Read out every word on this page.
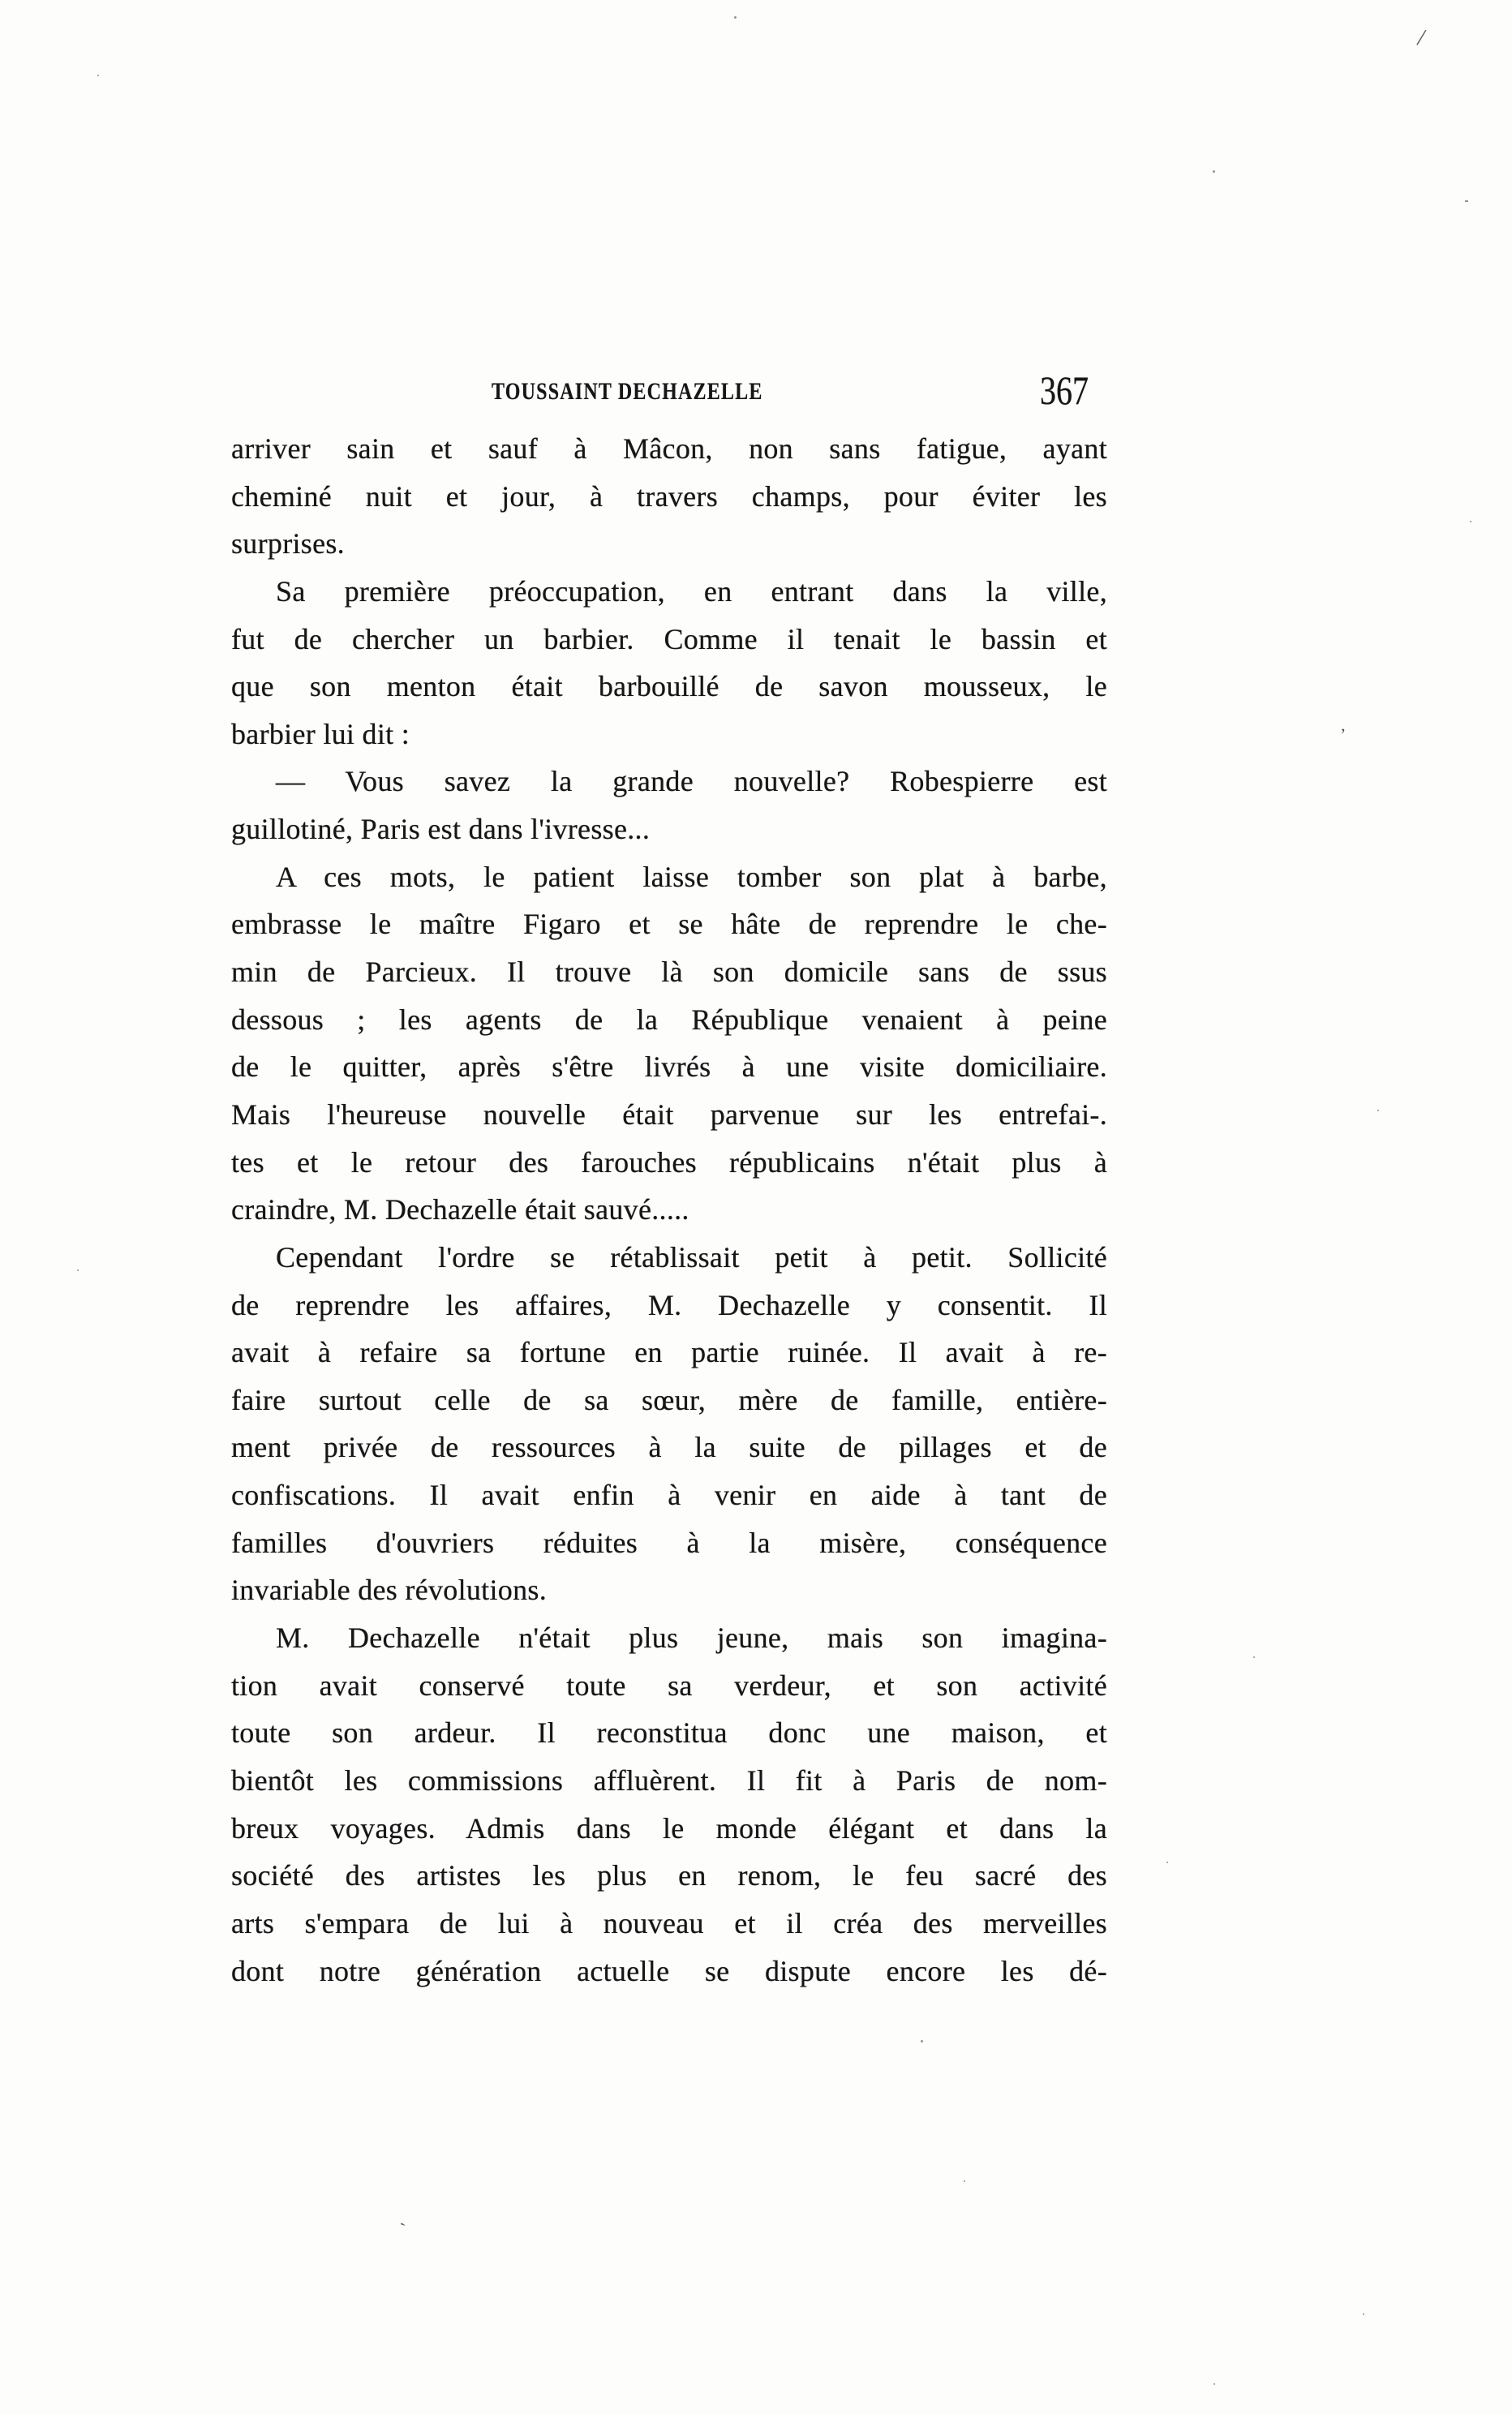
TOUSSAINT DECHAZELLE	367
arriver sain et sauf à Mâcon, non sans fatigue, ayant
cheminé nuit et jour, à travers champs, pour éviter les
surprises.
Sa première préoccupation, en entrant dans la ville,
fut de chercher un barbier. Comme il tenait le bassin et
que son menton était barbouillé de savon mousseux, le
barbier lui dit :
— Vous savez la grande nouvelle? Robespierre est
guillotiné, Paris est dans l'ivresse...
A ces mots, le patient laisse tomber son plat à barbe,
embrasse le maître Figaro et se hâte de reprendre le che-
min de Parcieux. Il trouve là son domicile sans de ssus
dessous ; les agents de la République venaient à peine
de le quitter, après s'être livrés à une visite domiciliaire.
Mais l'heureuse nouvelle était parvenue sur les entrefai-.
tes et le retour des farouches républicains n'était plus à
craindre, M. Dechazelle était sauvé.....
Cependant l'ordre se rétablissait petit à petit. Sollicité
de reprendre les affaires, M. Dechazelle y consentit. Il
avait à refaire sa fortune en partie ruinée. Il avait à re-
faire surtout celle de sa sœur, mère de famille, entière-
ment privée de ressources à la suite de pillages et de
confiscations. Il avait enfin à venir en aide à tant de
familles d'ouvriers réduites à la misère, conséquence
invariable des révolutions.
M. Dechazelle n'était plus jeune, mais son imagina-
tion avait conservé toute sa verdeur, et son activité
toute son ardeur. Il reconstitua donc une maison, et
bientôt les commissions affluèrent. Il fit à Paris de nom-
breux voyages. Admis dans le monde élégant et dans la
société des artistes les plus en renom, le feu sacré des
arts s'empara de lui à nouveau et il créa des merveilles
dont notre génération actuelle se dispute encore les dé-
/
’
`
